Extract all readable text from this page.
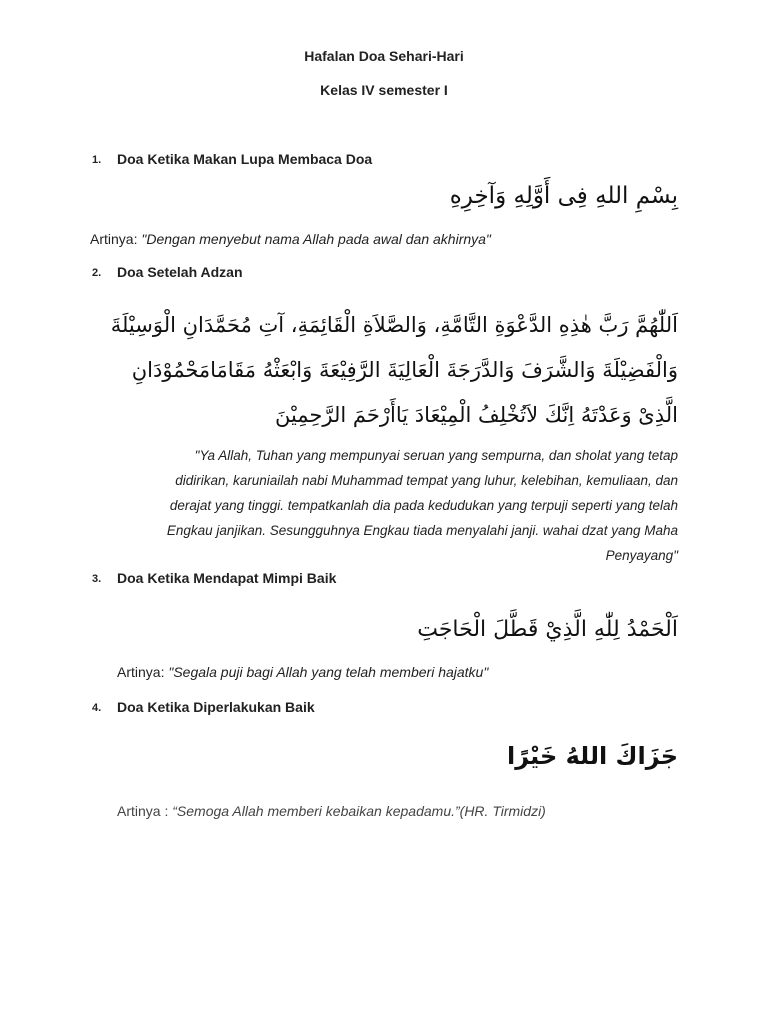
Hafalan Doa Sehari-Hari
Kelas IV semester I
1. Doa Ketika Makan Lupa Membaca Doa
بِسْمِ اللهِ فِى أَوَّلِهِ وَآخِرِهِ
Artinya: "Dengan menyebut nama Allah pada awal dan akhirnya"
2. Doa Setelah Adzan
اَللّٰهُمَّ رَبَّ هٰذِهِ الدَّعْوَةِ التَّامَّةِ، وَالصَّلاَةِ الْقَائِمَةِ، آتِ مُحَمَّدَانِ الْوَسِيْلَةَ
وَالْفَضِيْلَةَ وَالشَّرَفَ وَالدَّرَجَةَ الْعَالِيَةَ الرَّفِيْعَةَ وَابْعَثْهُ مَقَامَامَحْمُوْدَانِ
الَّذِىْ وَعَدْتَهُ اِنَّكَ لاَتُخْلِفُ الْمِيْعَادَ يَاأَرْحَمَ الرَّحِمِيْنَ
"Ya Allah, Tuhan yang mempunyai seruan yang sempurna, dan sholat yang tetap
didirikan, karuniailah nabi Muhammad tempat yang luhur, kelebihan, kemuliaan, dan
derajat yang tinggi. tempatkanlah dia pada kedudukan yang terpuji seperti yang telah
Engkau janjikan. Sesungguhnya Engkau tiada menyalahi janji. wahai dzat yang Maha
Penyayang"
3. Doa Ketika Mendapat Mimpi Baik
اَلْحَمْدُ لِلّٰهِ الَّذِيْ قَطَّلَ الْحَاجَتِ
Artinya: "Segala puji bagi Allah yang telah memberi hajatku"
4. Doa Ketika Diperlakukan Baik
جَزَاكَ اللهُ خَيْرًا
Artinya : “Semoga Allah memberi kebaikan kepadamu.”(HR. Tirmidzi)
